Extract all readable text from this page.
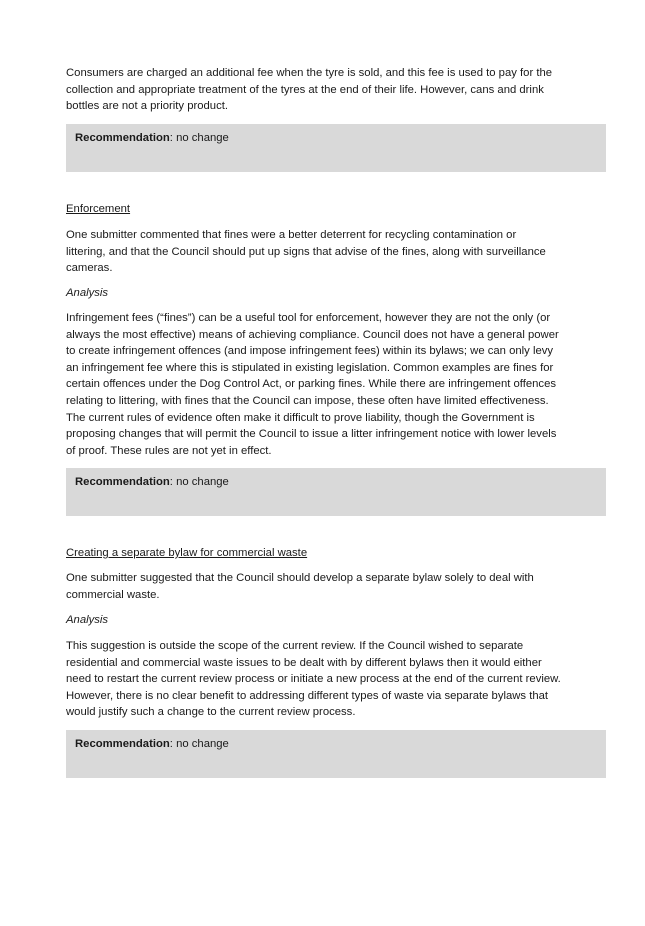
Consumers are charged an additional fee when the tyre is sold, and this fee is used to pay for the
collection and appropriate treatment of the tyres at the end of their life. However, cans and drink
bottles are not a priority product.

Recommendation: no change

Enforcement

One submitter commented that fines were a better deterrent for recycling contamination or
littering, and that the Council should put up signs that advise of the fines, along with surveillance
cameras.

Analysis

Infringement fees (“fines”) can be a useful tool for enforcement, however they are not the only (or
always the most effective) means of achieving compliance. Council does not have a general power
to create infringement offences (and impose infringement fees) within its bylaws; we can only levy
an infringement fee where this is stipulated in existing legislation. Common examples are fines for
certain offences under the Dog Control Act, or parking fines. While there are infringement offences
relating to littering, with fines that the Council can impose, these often have limited effectiveness.
The current rules of evidence often make it difficult to prove liability, though the Government is
proposing changes that will permit the Council to issue a litter infringement notice with lower levels
of proof. These rules are not yet in effect.

Recommendation: no change

Creating a separate bylaw for commercial waste

One submitter suggested that the Council should develop a separate bylaw solely to deal with
commercial waste.

Analysis

This suggestion is outside the scope of the current review. If the Council wished to separate
residential and commercial waste issues to be dealt with by different bylaws then it would either
need to restart the current review process or initiate a new process at the end of the current review.
However, there is no clear benefit to addressing different types of waste via separate bylaws that
would justify such a change to the current review process.

Recommendation: no change
